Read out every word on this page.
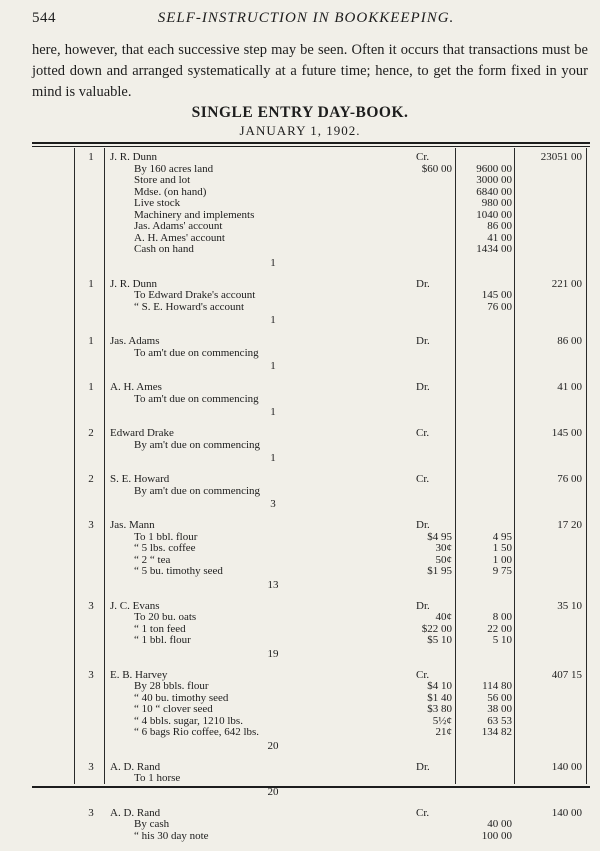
544	SELF-INSTRUCTION IN BOOKKEEPING.

here, however, that each successive step may be seen. Often it occurs that transactions must be jotted down and arranged systematically at a future time; hence, to get the form fixed in your mind is valuable.

SINGLE ENTRY DAY-BOOK.
JANUARY 1, 1902.
1	J. R. Dunn	Cr.	23051 00
By 160 acres land	$60 00	9600 00
Store and lot	3000 00
Mdse. (on hand)	6840 00
Live stock	980 00
Machinery and implements	1040 00
Jas. Adams' account	86 00
A. H. Ames' account	41 00
Cash on hand	1434 00
1
1	J. R. Dunn	Dr.	221 00
To Edward Drake's account	145 00
“ S. E. Howard's account	76 00
1
1	Jas. Adams	Dr.	86 00
To am't due on commencing
1
1	A. H. Ames	Dr.	41 00
To am't due on commencing
1
2	Edward Drake	Cr.	145 00
By am't due on commencing
1
2	S. E. Howard	Cr.	76 00
By am't due on commencing
3
3	Jas. Mann	Dr.	17 20
To 1 bbl. flour	$4 95	4 95
“ 5 lbs. coffee	30¢	1 50
“ 2 “ tea	50¢	1 00
“ 5 bu. timothy seed	$1 95	9 75
13
3	J. C. Evans	Dr.	35 10
To 20 bu. oats	40¢	8 00
“ 1 ton feed	$22 00	22 00
“ 1 bbl. flour	$5 10	5 10
19
3	E. B. Harvey	Cr.	407 15
By 28 bbls. flour	$4 10	114 80
“ 40 bu. timothy seed	$1 40	56 00
“ 10 “ clover seed	$3 80	38 00
“ 4 bbls. sugar, 1210 lbs.	5½¢	63 53
“ 6 bags Rio coffee, 642 lbs.	21¢	134 82
20
3	A. D. Rand	Dr.	140 00
To 1 horse
20
3	A. D. Rand	Cr.	140 00
By cash	40 00
“ his 30 day note	100 00
